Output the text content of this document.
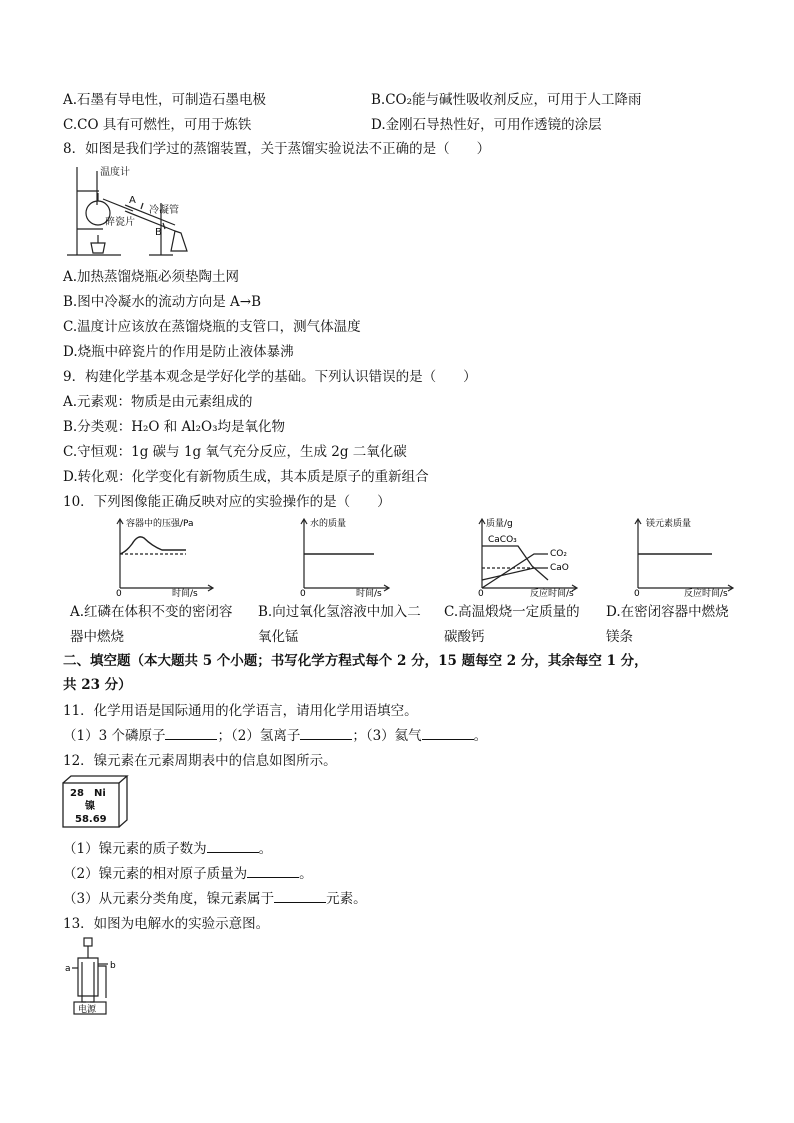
A.石墨有导电性，可制造石墨电极	B.CO₂能与碱性吸收剂反应，可用于人工降雨
C.CO 具有可燃性，可用于炼铁	D.金刚石导热性好，可用作透镜的涂层
8．如图是我们学过的蒸馏装置，关于蒸馏实验说法不正确的是（　　）
温度计
A
冷凝管
碎瓷片
B
A.加热蒸馏烧瓶必须垫陶土网
B.图中冷凝水的流动方向是 A→B
C.温度计应该放在蒸馏烧瓶的支管口，测气体温度
D.烧瓶中碎瓷片的作用是防止液体暴沸
9．构建化学基本观念是学好化学的基础。下列认识错误的是（　　）
A.元素观：物质是由元素组成的
B.分类观：H₂O 和 Al₂O₃均是氧化物
C.守恒观：1g 碳与 1g 氧气充分反应，生成 2g 二氧化碳
D.转化观：化学变化有新物质生成，其本质是原子的重新组合
10．下列图像能正确反映对应的实验操作的是（　　）
容器中的压强/Pa
0	时间/s
水的质量
0	时间/s
质量/g
CaCO₃
CO₂
CaO
0	反应时间/s
镁元素质量
0	反应时间/s
A.红磷在体积不变的密闭容
器中燃烧
B.向过氧化氢溶液中加入二
氧化锰
C.高温煅烧一定质量的
碳酸钙
D.在密闭容器中燃烧
镁条
二、填空题（本大题共 5 个小题；书写化学方程式每个 2 分，15 题每空 2 分，其余每空 1 分，
共 23 分）
11．化学用语是国际通用的化学语言，请用化学用语填空。
（1）3 个磷原子	；（2）氢离子	；（3）氦气	。
12．镍元素在元素周期表中的信息如图所示。
28 Ni
镍
58.69
（1）镍元素的质子数为	。
（2）镍元素的相对原子质量为	。
（3）从元素分类角度，镍元素属于	元素。
13．如图为电解水的实验示意图。
a	b
电源
